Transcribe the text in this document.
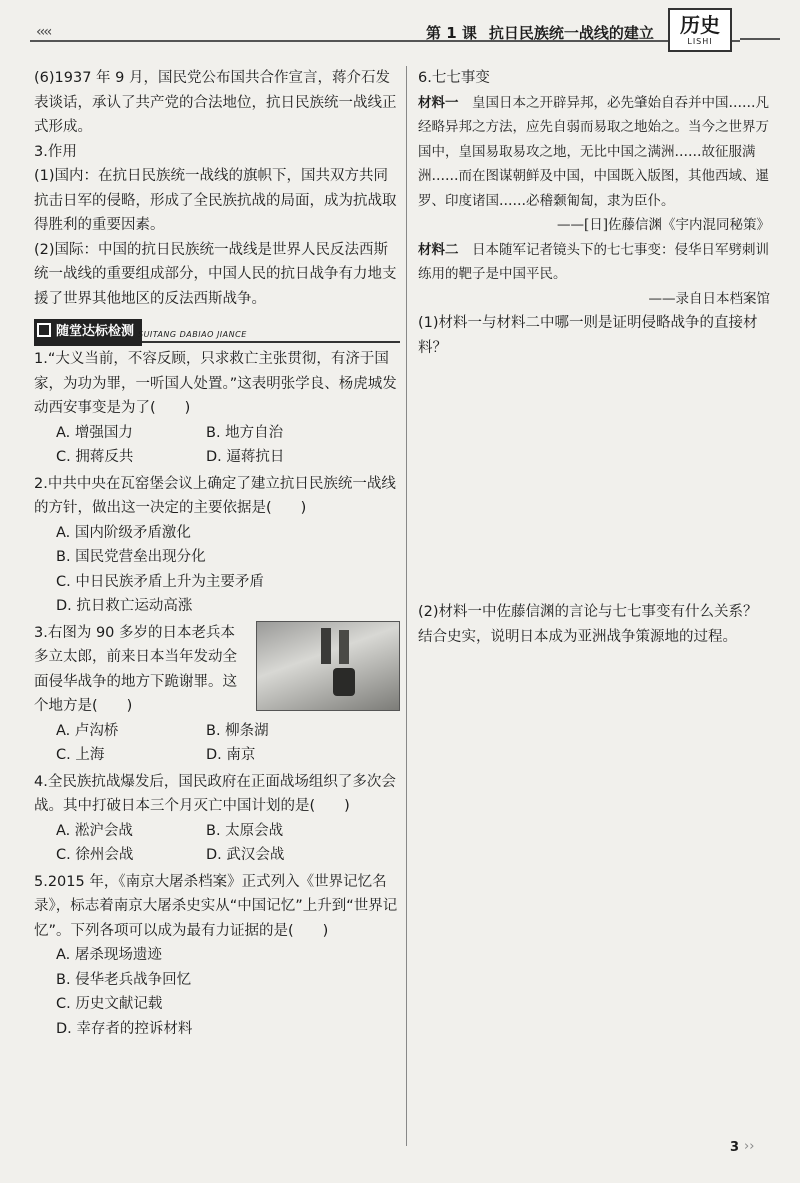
‹‹‹‹	第 1 课 抗日民族统一战线的建立	历史
LISHI

(6)1937 年 9 月，国民党公布国共合作宣言，蒋介石发表谈话，承认了共产党的合法地位，抗日民族统一战线正式形成。

3.作用

(1)国内：在抗日民族统一战线的旗帜下，国共双方共同抗击日军的侵略，形成了全民族抗战的局面，成为抗战取得胜利的重要因素。

(2)国际：中国的抗日民族统一战线是世界人民反法西斯统一战线的重要组成部分，中国人民的抗日战争有力地支援了世界其他地区的反法西斯战争。

随堂达标检测 SUITANG DABIAO JIANCE

1.“大义当前，不容反顾，只求救亡主张贯彻，有济于国家，为功为罪，一听国人处置。”这表明张学良、杨虎城发动西安事变是为了(　　)

A. 增强国力	B. 地方自治
C. 拥蒋反共	D. 逼蒋抗日

2.中共中央在瓦窑堡会议上确定了建立抗日民族统一战线的方针，做出这一决定的主要依据是(　　)

A. 国内阶级矛盾激化

B. 国民党营垒出现分化

C. 中日民族矛盾上升为主要矛盾

D. 抗日救亡运动高涨

3.右图为 90 多岁的日本老兵本多立太郎，前来日本当年发动全面侵华战争的地方下跪谢罪。这个地方是(　　)

A. 卢沟桥	B. 柳条湖
C. 上海	D. 南京

4.全民族抗战爆发后，国民政府在正面战场组织了多次会战。其中打破日本三个月灭亡中国计划的是(　　)

A. 淞沪会战	B. 太原会战
C. 徐州会战	D. 武汉会战

5.2015 年，《南京大屠杀档案》正式列入《世界记忆名录》，标志着南京大屠杀史实从“中国记忆”上升到“世界记忆”。下列各项可以成为最有力证据的是(　　)

A. 屠杀现场遗迹

B. 侵华老兵战争回忆

C. 历史文献记载

D. 幸存者的控诉材料

6.七七事变

材料一　 皇国日本之开辟异邦，必先肇始自吞并中国……凡经略异邦之方法，应先自弱而易取之地始之。当今之世界万国中，皇国易取易攻之地，无比中国之满洲……故征服满洲……而在图谋朝鲜及中国，中国既入版图，其他西域、暹罗、印度诸国……必稽颡匍匐，隶为臣仆。

——[日]佐藤信渊《宇内混同秘策》

材料二　 日本随军记者镜头下的七七事变：侵华日军劈刺训练用的靶子是中国平民。

——录自日本档案馆

(1)材料一与材料二中哪一则是证明侵略战争的直接材料？

(2)材料一中佐藤信渊的言论与七七事变有什么关系？结合史实，说明日本成为亚洲战争策源地的过程。

3 ››
